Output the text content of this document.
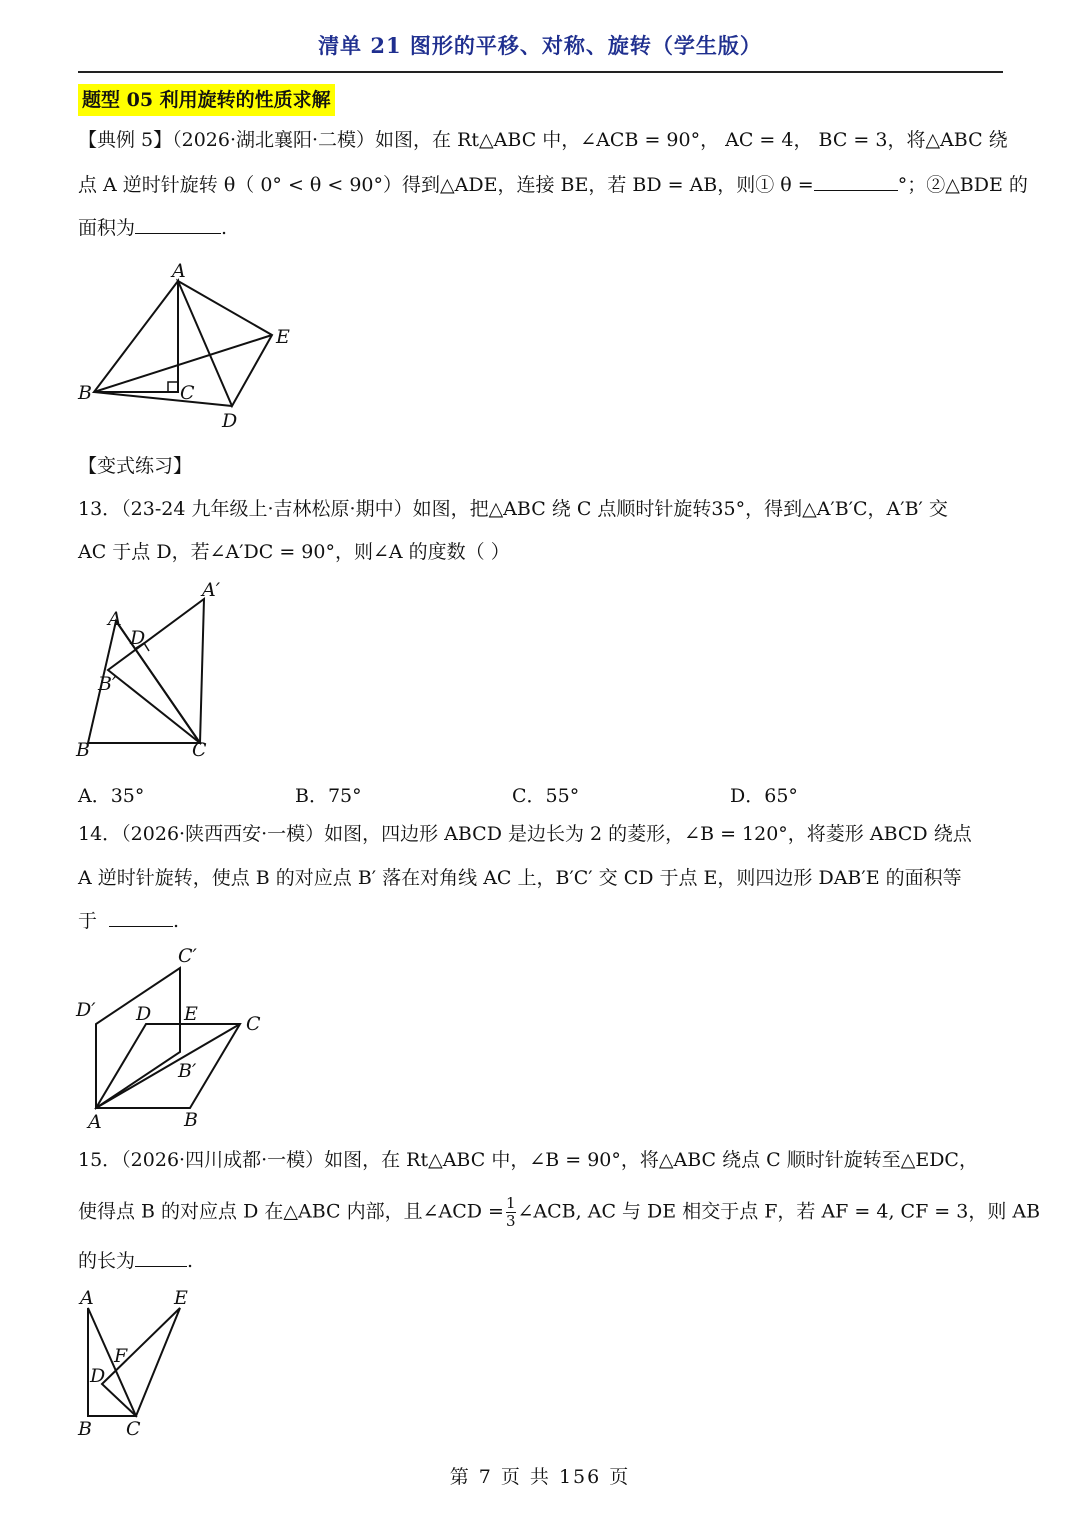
清单 21 图形的平移、对称、旋转（学生版）
题型 05 利用旋转的性质求解
【典例 5】（2026·湖北襄阳·二模）如图，在 Rt△ABC 中，∠ACB = 90°， AC = 4， BC = 3，将△ABC 绕
点 A 逆时针旋转 θ（ 0° < θ < 90°）得到△ADE，连接 BE，若 BD = AB，则① θ =	°；②△BDE 的
面积为	.
A
B	C
D
E
【变式练习】
13．（23-24 九年级上·吉林松原·期中）如图，把△ABC 绕 C 点顺时针旋转35°，得到△A′B′C，A′B′ 交
AC 于点 D，若∠A′DC = 90°，则∠A 的度数（ ）
A
A′
D
B′
B	C
A．35°	B．75°	C．55°	D．65°
14．（2026·陕西西安·一模）如图，四边形 ABCD 是边长为 2 的菱形，∠B = 120°，将菱形 ABCD 绕点
A 逆时针旋转，使点 B 的对应点 B′ 落在对角线 AC 上，B′C′ 交 CD 于点 E，则四边形 DAB′E 的面积等
于	.
C′
D′ D E	C
B′
A	B
15．（2026·四川成都·一模）如图，在 Rt△ABC 中，∠B = 90°，将△ABC 绕点 C 顺时针旋转至△EDC，
使得点 B 的对应点 D 在△ABC 内部，且∠ACD = $\frac{1}{3}$ ∠ACB, AC 与 DE 相交于点 F，若 AF = 4, CF = 3，则 AB
的长为	.
A	E
F
D
B C
第 7 页 共 156 页
